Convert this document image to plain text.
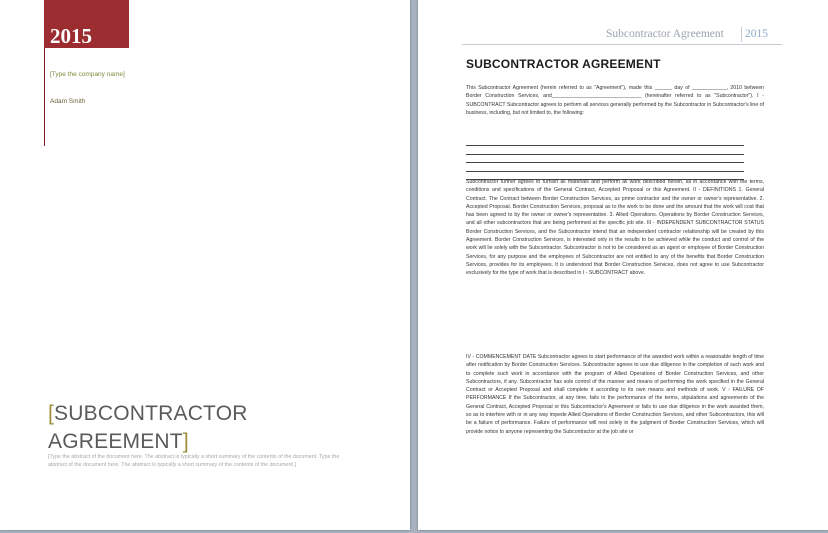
2015
[Type the company name]
Adam Smith
[SUBCONTRACTOR
AGREEMENT]
[Type the abstract of the document here. The abstract is typically a short summary of the contents of the document. Type the abstract of the document here. The abstract is typically a short summary of the contents of the document.]
Subcontractor Agreement 2015
SUBCONTRACTOR AGREEMENT
This Subcontractor Agreement (herein referred to as "Agreement"), made this ______ day of ____________, 2010 between Border Construction Services, and_______________________________ (hereinafter referred to as "Subcontractor"). I - SUBCONTRACT Subcontractor agrees to perform all services generally performed by the Subcontractor in Subcontractor's line of business, including, but not limited to, the following:
Subcontractor further agrees to furnish all materials and perform all work described herein, all in accordance with the terms, conditions and specifications of the General Contract, Accepted Proposal or this Agreement. II - DEFINITIONS 1. General Contract. The Contract between Border Construction Services, as prime contractor and the owner or owner's representative. 2. Accepted Proposal. Border Construction Services, proposal as to the work to be done and the amount that the work will cost that has been agreed to by the owner or owner's representative. 3. Allied Operations. Operations by Border Construction Services, and all other subcontractors that are being performed at the specific job site. III - INDEPENDENT SUBCONTRACTOR STATUS Border Construction Services, and the Subcontractor intend that an independent contractor relationship will be created by this Agreement. Border Construction Services, is interested only in the results to be achieved while the conduct and control of the work will lie solely with the Subcontractor. Subcontractor is not to be considered as an agent or employee of Border Construction Services, for any purpose and the employees of Subcontractor are not entitled to any of the benefits that Border Construction Services, provides for its employees. It is understood that Border Construction Services, does not agree to use Subcontractor exclusively for the type of work that is described in I - SUBCONTRACT above.
IV - COMMENCEMENT DATE Subcontractor agrees to start performance of the awarded work within a reasonable length of time after notification by Border Construction Services. Subcontractor agrees to use due diligence in the completion of such work and to complete such work in accordance with the program of Allied Operations of Border Construction Services, and other Subcontractors, if any. Subcontractor has sole control of the manner and means of performing the work specified in the General Contract or Accepted Proposal and shall complete it according to its own means and methods of work. V - FAILURE OF PERFORMANCE If the Subcontractor, at any time, fails in the performance of the terms, stipulations and agreements of the General Contract, Accepted Proposal or this Subcontractor's Agreement or fails to use due diligence in the work awarded them, so as to interfere with or in any way impede Allied Operations of Border Construction Services, and other Subcontractors, this will be a failure of performance. Failure of performance will rest solely in the judgment of Border Construction Services, which will provide notice to anyone representing the Subcontractor at the job site or
